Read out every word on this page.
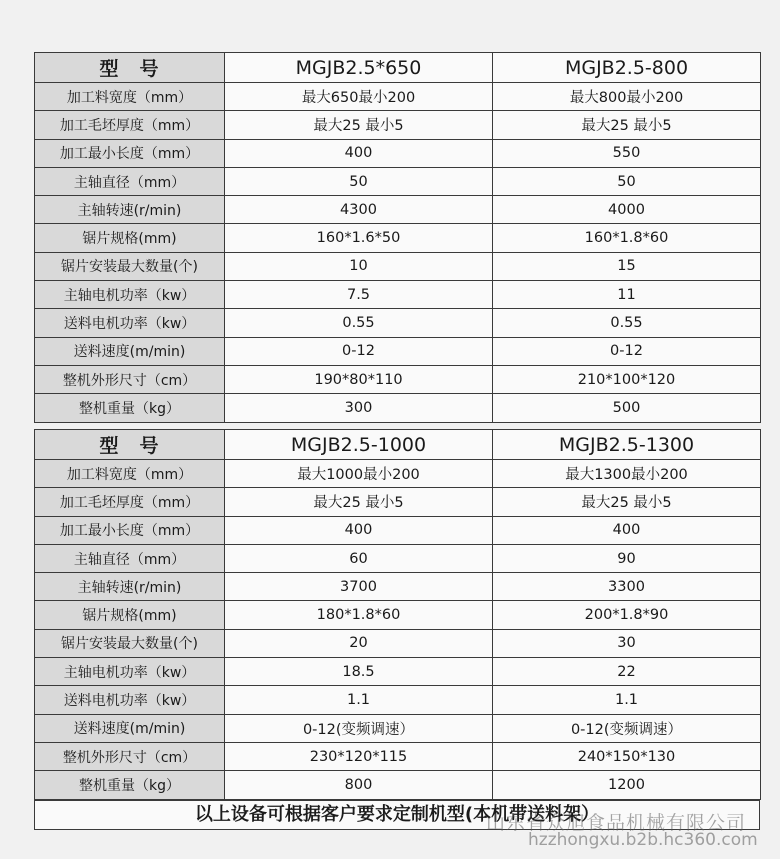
型　号	MGJB2.5*650	MGJB2.5-800
加工料宽度（mm）	最大650最小200	最大800最小200
加工毛坯厚度（mm）	最大25 最小5	最大25 最小5
加工最小长度（mm）	400	550
主轴直径（mm）	50	50
主轴转速(r/min)	4300	4000
锯片规格(mm)	160*1.6*50	160*1.8*60
锯片安装最大数量(个)	10	15
主轴电机功率（kw）	7.5	11
送料电机功率（kw）	0.55	0.55
送料速度(m/min)	0-12	0-12
整机外形尺寸（cm）	190*80*110	210*100*120
整机重量（kg）	300	500
型　号	MGJB2.5-1000	MGJB2.5-1300
加工料宽度（mm）	最大1000最小200	最大1300最小200
加工毛坯厚度（mm）	最大25 最小5	最大25 最小5
加工最小长度（mm）	400	400
主轴直径（mm）	60	90
主轴转速(r/min)	3700	3300
锯片规格(mm)	180*1.8*60	200*1.8*90
锯片安装最大数量(个)	20	30
主轴电机功率（kw）	18.5	22
送料电机功率（kw）	1.1	1.1
送料速度(m/min)	0-12(变频调速）	0-12(变频调速）
整机外形尺寸（cm）	230*120*115	240*150*130
整机重量（kg）	800	1200
以上设备可根据客户要求定制机型(本机带送料架）
山东省众旭食品机械有限公司
hzzhongxu.b2b.hc360.com
